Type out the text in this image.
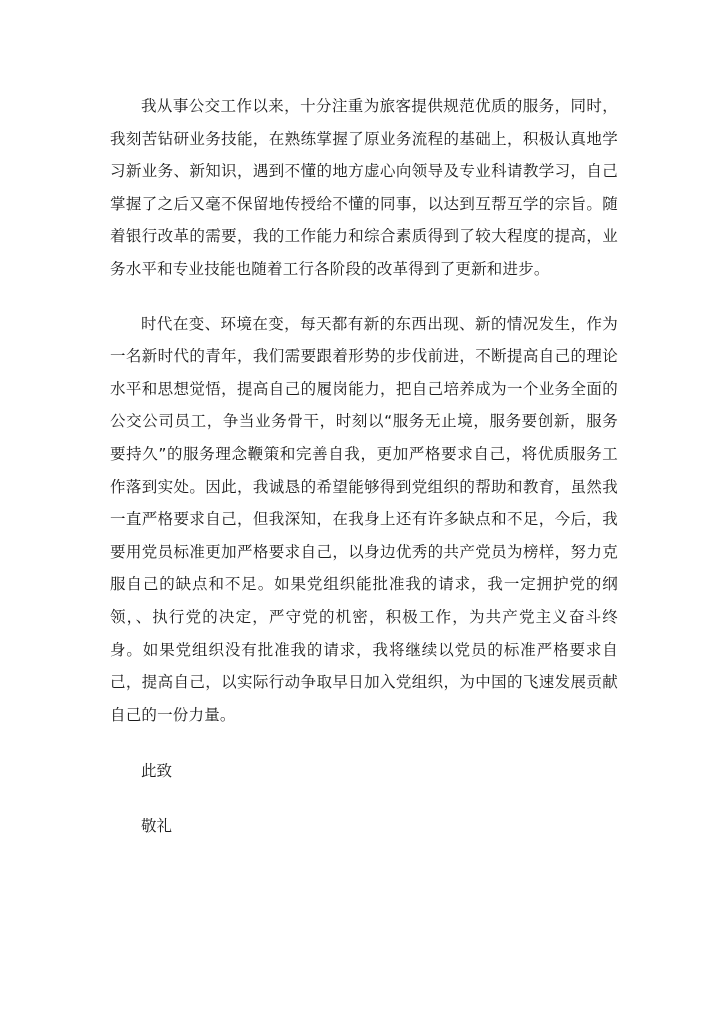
我从事公交工作以来，十分注重为旅客提供规范优质的服务，同时，我刻苦钻研业务技能，在熟练掌握了原业务流程的基础上，积极认真地学习新业务、新知识，遇到不懂的地方虚心向领导及专业科请教学习，自己掌握了之后又毫不保留地传授给不懂的同事，以达到互帮互学的宗旨。随着银行改革的需要，我的工作能力和综合素质得到了较大程度的提高，业务水平和专业技能也随着工行各阶段的改革得到了更新和进步。

时代在变、环境在变，每天都有新的东西出现、新的情况发生，作为一名新时代的青年，我们需要跟着形势的步伐前进，不断提高自己的理论水平和思想觉悟，提高自己的履岗能力，把自己培养成为一个业务全面的公交公司员工，争当业务骨干，时刻以“服务无止境，服务要创新，服务要持久”的服务理念鞭策和完善自我，更加严格要求自己，将优质服务工作落到实处。因此，我诚恳的希望能够得到党组织的帮助和教育，虽然我一直严格要求自己，但我深知，在我身上还有许多缺点和不足，今后，我要用党员标准更加严格要求自己，以身边优秀的共产党员为榜样，努力克服自己的缺点和不足。如果党组织能批准我的请求，我一定拥护党的纲领，、执行党的决定，严守党的机密，积极工作，为共产党主义奋斗终身。如果党组织没有批准我的请求，我将继续以党员的标准严格要求自己，提高自己，以实际行动争取早日加入党组织，为中国的飞速发展贡献自己的一份力量。

此致

敬礼
